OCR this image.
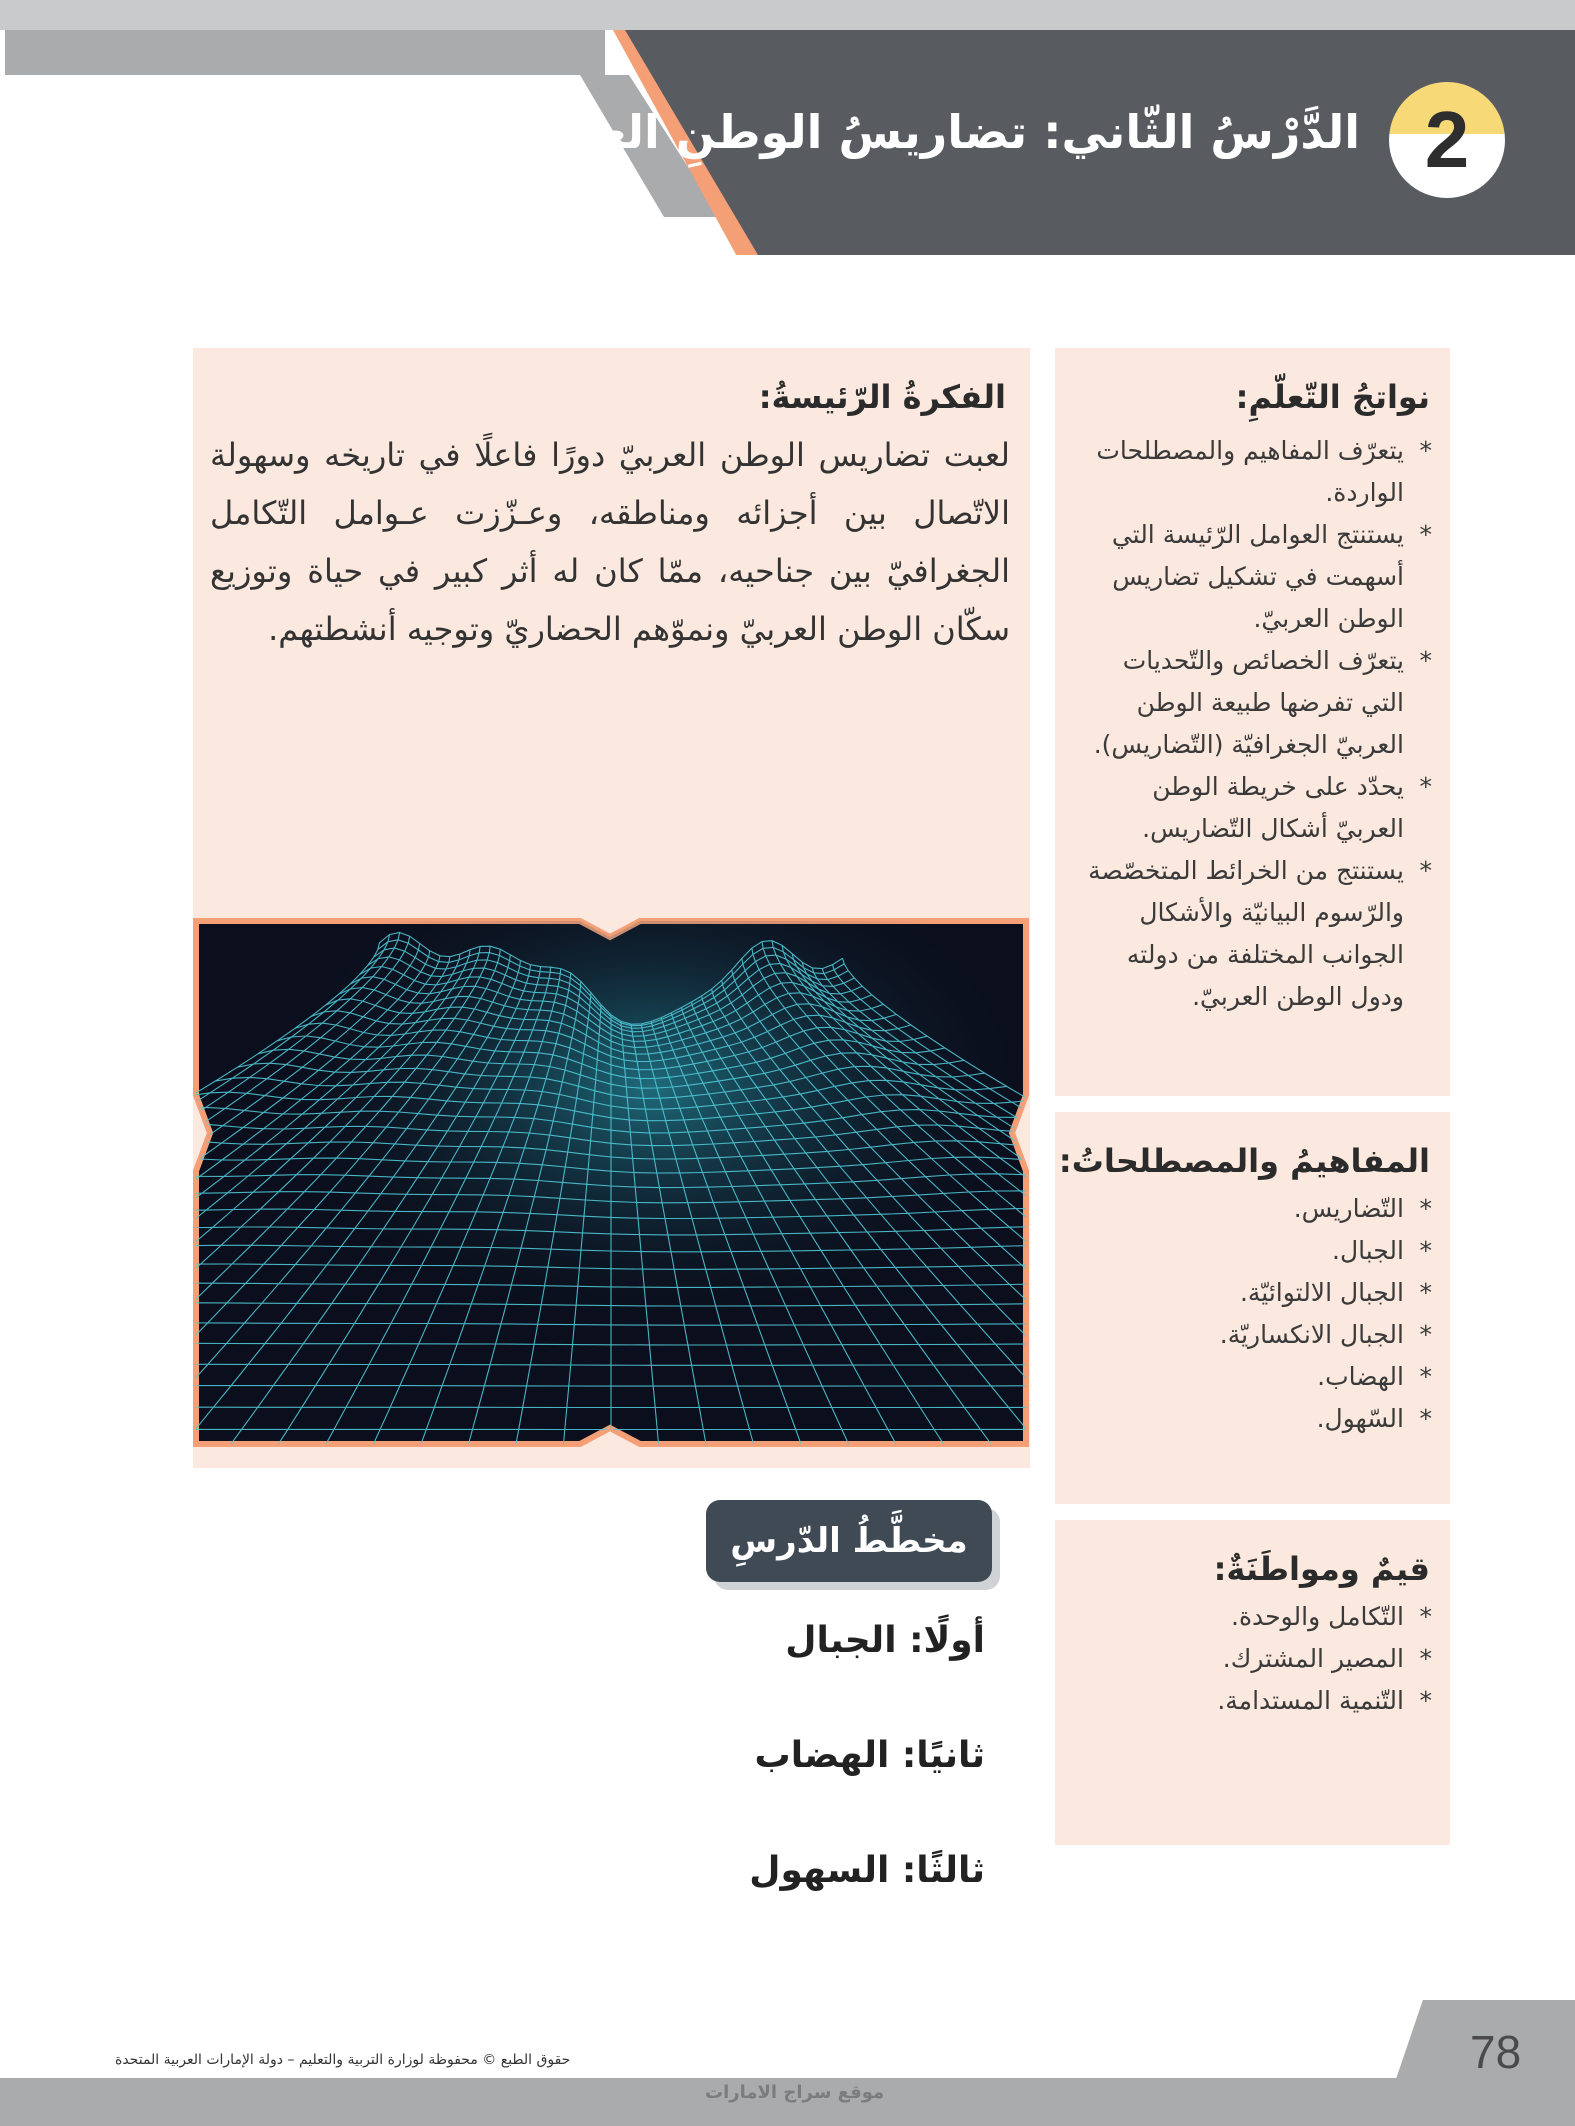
الدَّرْسُ الثّاني: تضاريسُ الوطنِ العربيِّ 2
الفكرةُ الرّئيسةُ:

لعبت تضاريس الوطن العربيّ دورًا فاعلًا في تاريخه وسهولة الاتّصال بين أجزائه ومناطقه، وعـزّزت عـوامل التّكامل الجغرافيّ بين جناحيه، ممّا كان له أثر كبير في حياة وتوزيع سكّان الوطن العربيّ ونموّهم الحضاريّ وتوجيه أنشطتهم.

نواتجُ التّعلّمِ:
* يتعرّف المفاهيم والمصطلحات الواردة.
* يستنتج العوامل الرّئيسة التي أسهمت في تشكيل تضاريس الوطن العربيّ.
* يتعرّف الخصائص والتّحديات التي تفرضها طبيعة الوطن العربيّ الجغرافيّة (التّضاريس).
* يحدّد على خريطة الوطن العربيّ أشكال التّضاريس.
* يستنتج من الخرائط المتخصّصة والرّسوم البيانيّة والأشكال الجوانب المختلفة من دولته ودول الوطن العربيّ.
المفاهيمُ والمصطلحاتُ:
* التّضاريس.
* الجبال.
* الجبال الالتوائيّة.
* الجبال الانكساريّة.
* الهضاب.
* السّهول.
قيمٌ ومواطَنَةٌ:
* التّكامل والوحدة.
* المصير المشترك.
* التّنمية المستدامة.
مخطَّطُ الدّرسِ
أولًا: الجبال
ثانيًا: الهضاب
ثالثًا: السهول
78
حقوق الطبع © محفوظة لوزارة التربية والتعليم – دولة الإمارات العربية المتحدة
موقع سراج الامارات
